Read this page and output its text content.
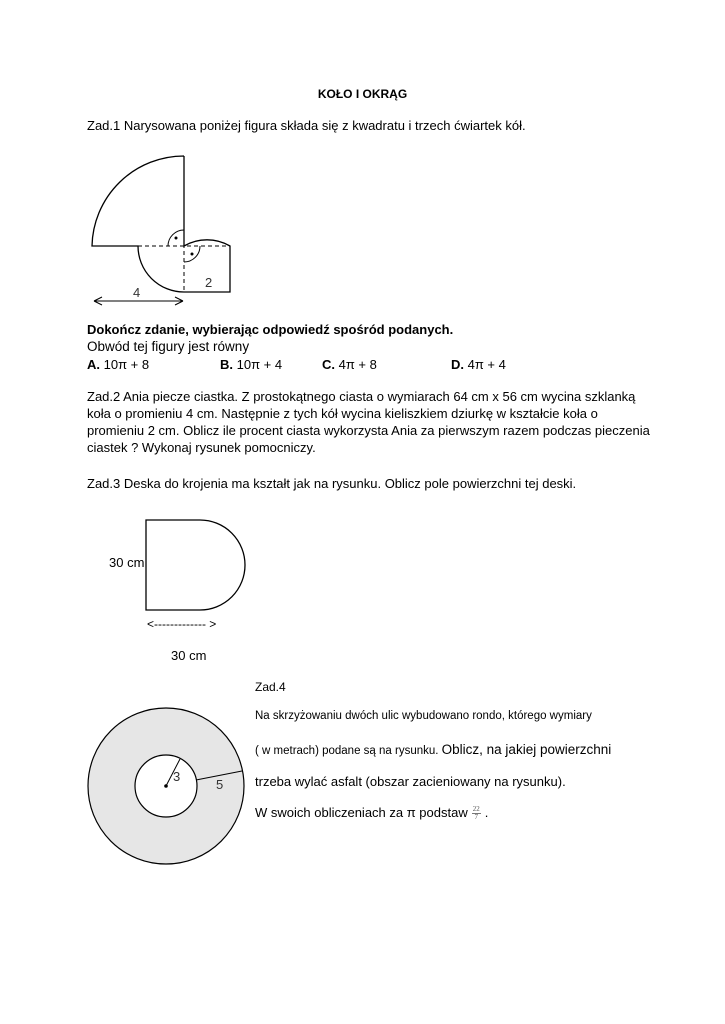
KOŁO I OKRĄG
Zad.1 Narysowana poniżej figura składa się z kwadratu i trzech ćwiartek kół.
2
4
Dokończ zdanie, wybierając odpowiedź spośród podanych.
Obwód tej figury jest równy
A. 10π + 8	B. 10π + 4	C. 4π + 8	D. 4π + 4
Zad.2 Ania piecze ciastka. Z prostokątnego ciasta o wymiarach 64 cm x 56 cm wycina szklanką
koła o promieniu 4 cm. Następnie z tych kół wycina kieliszkiem dziurkę w kształcie koła o
promieniu 2 cm. Oblicz ile procent ciasta wykorzysta Ania za pierwszym razem podczas pieczenia
ciastek ? Wykonaj rysunek pomocniczy.
Zad.3 Deska do krojenia ma kształt jak na rysunku. Oblicz pole powierzchni tej deski.
30 cm
<------------- >
30 cm
Zad.4
3
5
Na skrzyżowaniu dwóch ulic wybudowano rondo, którego wymiary
( w metrach) podane są na rysunku. Oblicz, na jakiej powierzchni
trzeba wylać asfalt (obszar zacieniowany na rysunku).
W swoich obliczeniach za π podstaw $\frac{22}{7}$ .
